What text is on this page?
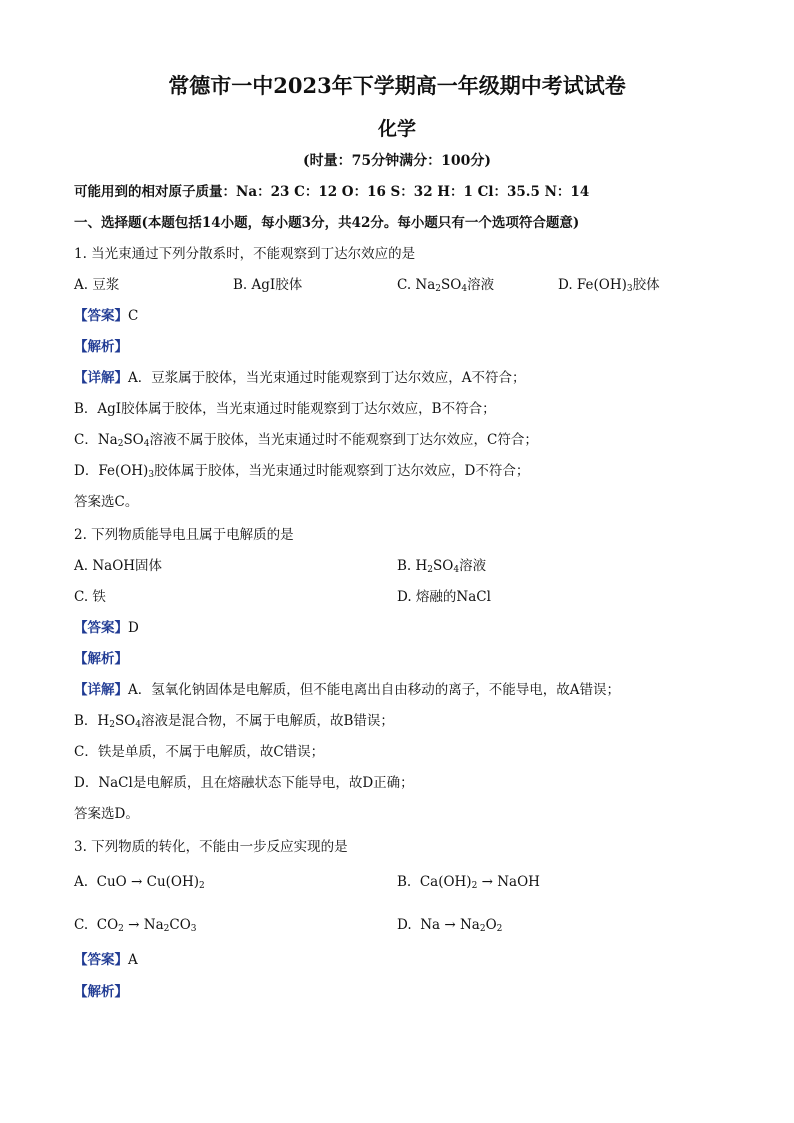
常德市一中2023年下学期高一年级期中考试试卷
化学
(时量：75分钟满分：100分)
可能用到的相对原子质量：Na：23 C：12 O：16 S：32 H：1 Cl：35.5 N：14
一、选择题(本题包括14小题，每小题3分，共42分。每小题只有一个选项符合题意)
1. 当光束通过下列分散系时，不能观察到丁达尔效应的是
A. 豆浆	B. AgI胶体	C. $Na_2SO_4$溶液	D. $Fe(OH)_3$胶体
【答案】C
【解析】
【详解】A．豆浆属于胶体，当光束通过时能观察到丁达尔效应，A不符合；
B．AgI胶体属于胶体，当光束通过时能观察到丁达尔效应，B不符合；
C．$Na_2SO_4$溶液不属于胶体，当光束通过时不能观察到丁达尔效应，C符合；
D．$Fe(OH)_3$胶体属于胶体，当光束通过时能观察到丁达尔效应，D不符合；
答案选C。
2. 下列物质能导电且属于电解质的是
A. NaOH固体	B. $H_2SO_4$溶液
C. 铁	D. 熔融的NaCl
【答案】D
【解析】
【详解】A．氢氧化钠固体是电解质，但不能电离出自由移动的离子，不能导电，故A错误；
B．$H_2SO_4$溶液是混合物，不属于电解质，故B错误；
C．铁是单质，不属于电解质，故C错误；
D．NaCl是电解质，且在熔融状态下能导电，故D正确；
答案选D。
3. 下列物质的转化，不能由一步反应实现的是
A. CuO → $Cu(OH)_2$	B. $Ca(OH)_2$ → NaOH
C. $CO_2 \to Na_2CO_3$	D. $Na \to Na_2O_2$
【答案】A
【解析】
